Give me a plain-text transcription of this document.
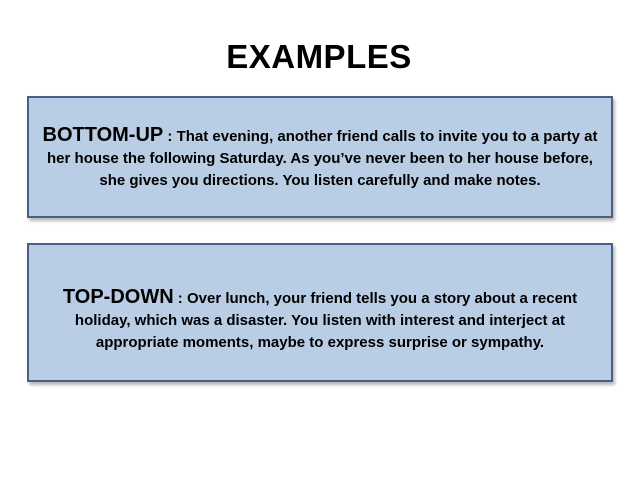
EXAMPLES
BOTTOM-UP : That evening, another friend calls to invite you to a party at her house the following Saturday. As you’ve never been to her house before, she gives you directions. You listen carefully and make notes.
TOP-DOWN : Over lunch, your friend tells you a story about a recent holiday, which was a disaster. You listen with interest and interject at appropriate moments, maybe to express surprise or sympathy.
